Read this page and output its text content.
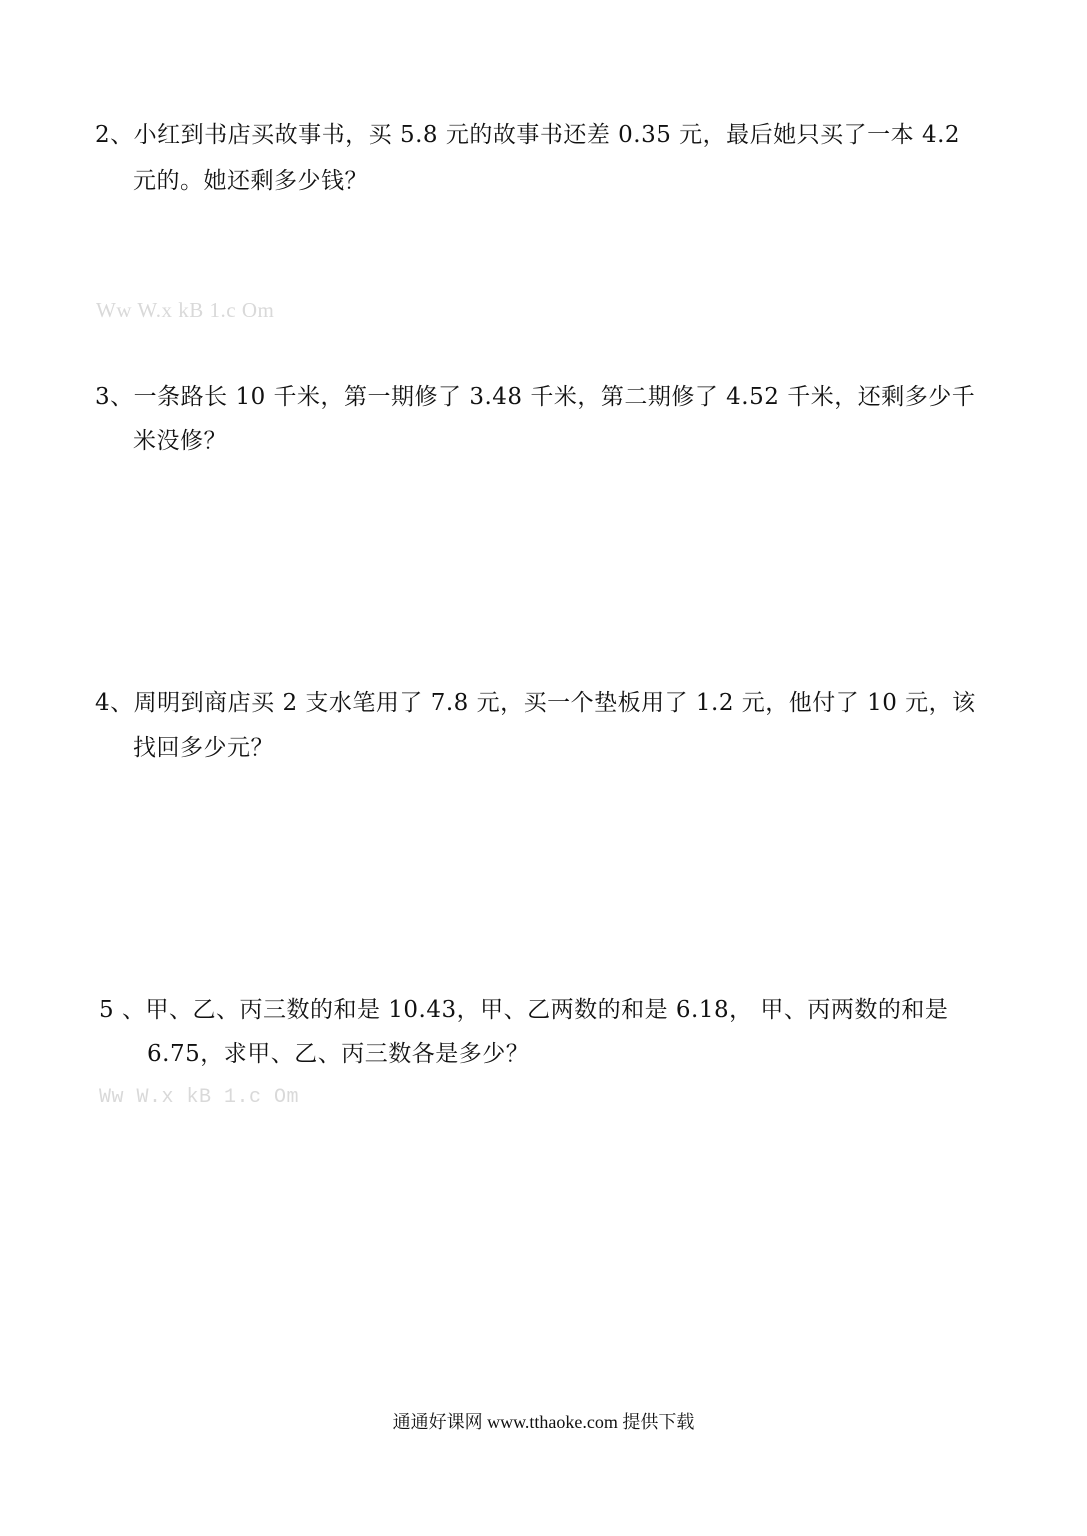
2、小红到书店买故事书，买 5.8 元的故事书还差 0.35 元，最后她只买了一本 4.2
元的。她还剩多少钱？
Ww W.x kB 1.c Om
3、一条路长 10 千米，第一期修了 3.48 千米，第二期修了 4.52 千米，还剩多少千
米没修？
4、周明到商店买 2 支水笔用了 7.8 元，买一个垫板用了 1.2 元，他付了 10 元，该
找回多少元？
5 、甲、乙、丙三数的和是 10.43，甲、乙两数的和是 6.18， 甲、丙两数的和是
6.75，求甲、乙、丙三数各是多少？
Ww W.x kB 1.c Om
通通好课网 www.tthaoke.com 提供下载
